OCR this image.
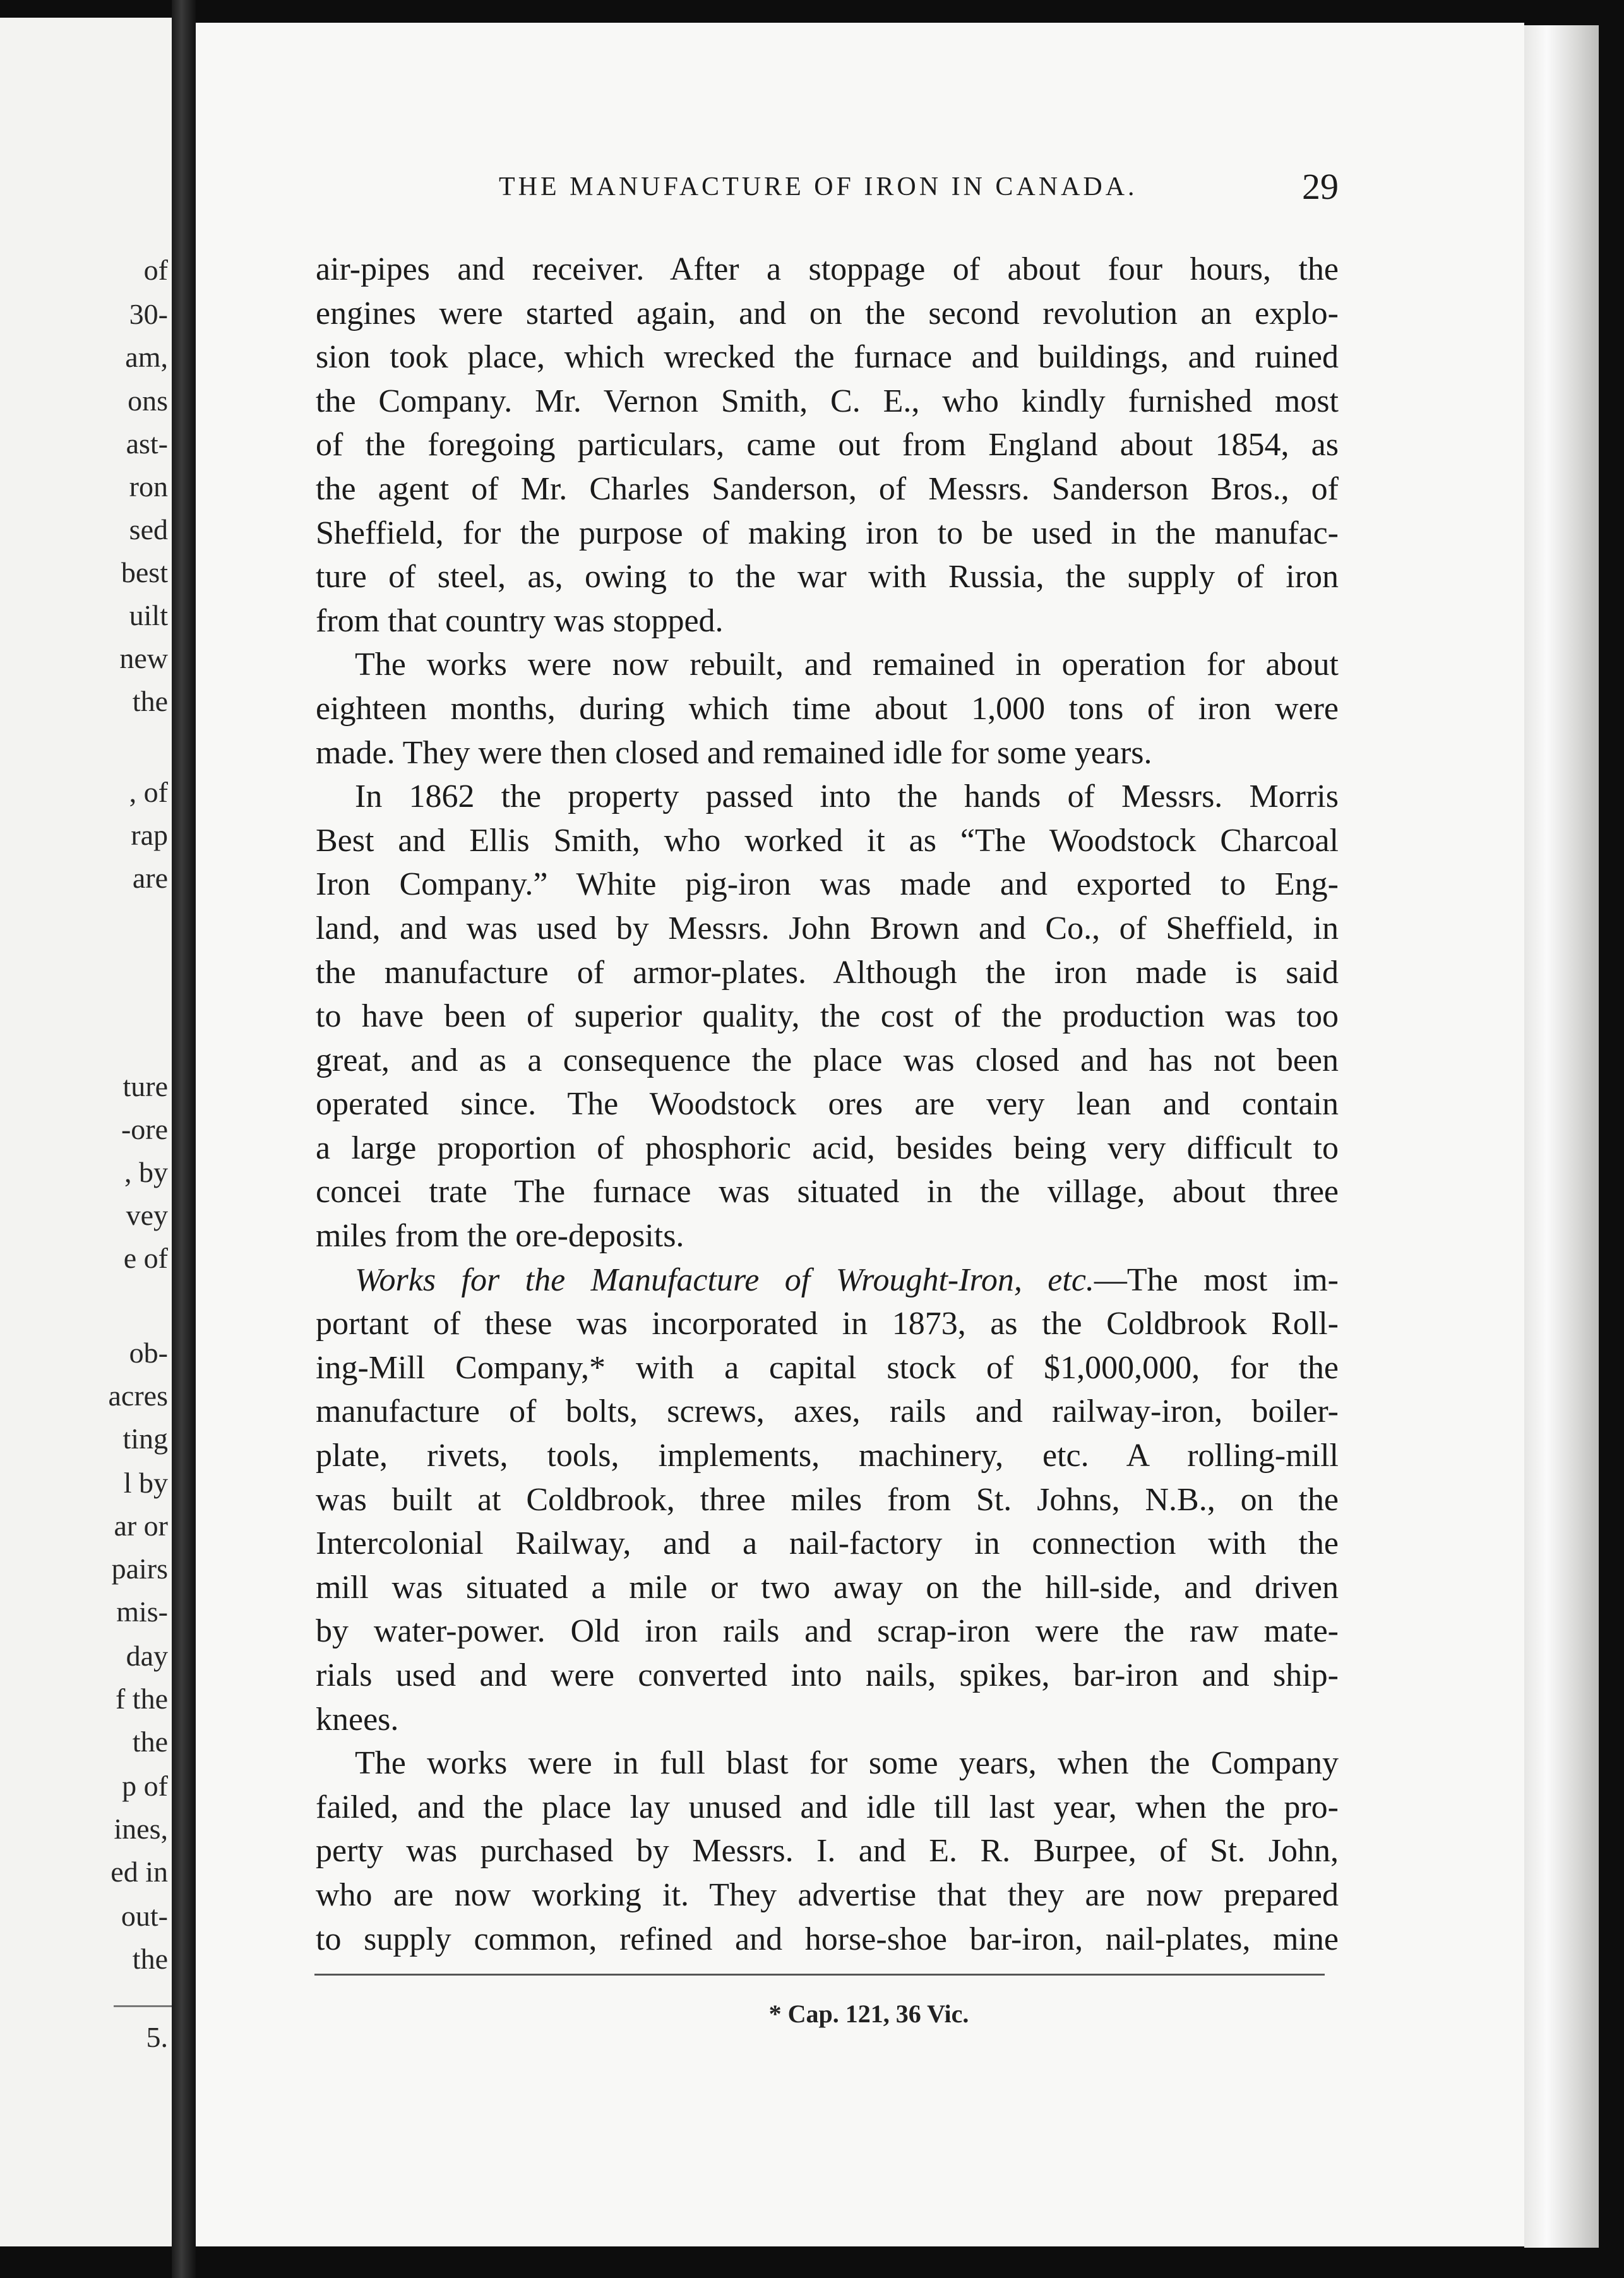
of
30-
am,
ons
ast-
ron
sed
best
uilt
new
the
, of
rap
are
ture
-ore
, by
vey
e of
ob-
acres
ting
l by
ar or
pairs
mis-
day
f the
the
p of
ines,
ed in
out-
the
5.
THE MANUFACTURE OF IRON IN CANADA.	29
air-pipes and receiver. After a stoppage of about four hours, the
engines were started again, and on the second revolution an explo-
sion took place, which wrecked the furnace and buildings, and ruined
the Company. Mr. Vernon Smith, C. E., who kindly furnished most
of the foregoing particulars, came out from England about 1854, as
the agent of Mr. Charles Sanderson, of Messrs. Sanderson Bros., of
Sheffield, for the purpose of making iron to be used in the manufac-
ture of steel, as, owing to the war with Russia, the supply of iron
from that country was stopped.
The works were now rebuilt, and remained in operation for about
eighteen months, during which time about 1,000 tons of iron were
made. They were then closed and remained idle for some years.
In 1862 the property passed into the hands of Messrs. Morris
Best and Ellis Smith, who worked it as “The Woodstock Charcoal
Iron Company.” White pig-iron was made and exported to Eng-
land, and was used by Messrs. John Brown and Co., of Sheffield, in
the manufacture of armor-plates. Although the iron made is said
to have been of superior quality, the cost of the production was too
great, and as a consequence the place was closed and has not been
operated since. The Woodstock ores are very lean and contain
a large proportion of phosphoric acid, besides being very difficult to
concei trate The furnace was situated in the village, about three
miles from the ore-deposits.
Works for the Manufacture of Wrought-Iron, etc.—The most im-
portant of these was incorporated in 1873, as the Coldbrook Roll-
ing-Mill Company,* with a capital stock of $1,000,000, for the
manufacture of bolts, screws, axes, rails and railway-iron, boiler-
plate, rivets, tools, implements, machinery, etc. A rolling-mill
was built at Coldbrook, three miles from St. Johns, N.B., on the
Intercolonial Railway, and a nail-factory in connection with the
mill was situated a mile or two away on the hill-side, and driven
by water-power. Old iron rails and scrap-iron were the raw mate-
rials used and were converted into nails, spikes, bar-iron and ship-
knees.
The works were in full blast for some years, when the Company
failed, and the place lay unused and idle till last year, when the pro-
perty was purchased by Messrs. I. and E. R. Burpee, of St. John,
who are now working it. They advertise that they are now prepared
to supply common, refined and horse-shoe bar-iron, nail-plates, mine
* Cap. 121, 36 Vic.
